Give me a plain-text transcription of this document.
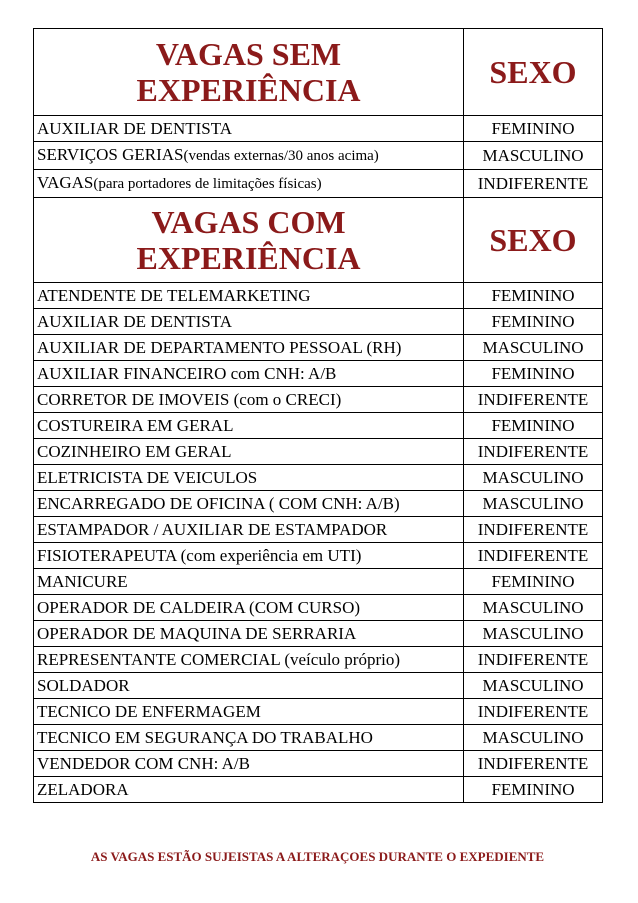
VAGAS SEM
EXPERIÊNCIA	SEXO
AUXILIAR DE DENTISTA	FEMININO
SERVIÇOS GERIAS(vendas externas/30 anos acima)	MASCULINO
VAGAS(para portadores de limitações físicas)	INDIFERENTE

VAGAS COM
EXPERIÊNCIA	SEXO
ATENDENTE DE TELEMARKETING	FEMININO
AUXILIAR DE DENTISTA	FEMININO
AUXILIAR DE DEPARTAMENTO PESSOAL (RH)	MASCULINO
AUXILIAR FINANCEIRO com CNH: A/B	FEMININO
CORRETOR DE IMOVEIS (com o CRECI)	INDIFERENTE
COSTUREIRA EM GERAL	FEMININO
COZINHEIRO EM GERAL	INDIFERENTE
ELETRICISTA DE VEICULOS	MASCULINO
ENCARREGADO DE OFICINA ( COM CNH: A/B)	MASCULINO
ESTAMPADOR / AUXILIAR DE ESTAMPADOR	INDIFERENTE
FISIOTERAPEUTA (com experiência em UTI)	INDIFERENTE
MANICURE	FEMININO
OPERADOR DE CALDEIRA (COM CURSO)	MASCULINO
OPERADOR DE MAQUINA DE SERRARIA	MASCULINO
REPRESENTANTE COMERCIAL (veículo próprio)	INDIFERENTE
SOLDADOR	MASCULINO
TECNICO DE ENFERMAGEM	INDIFERENTE
TECNICO EM SEGURANÇA DO TRABALHO	MASCULINO
VENDEDOR COM CNH: A/B	INDIFERENTE
ZELADORA	FEMININO
AS VAGAS ESTÃO SUJEISTAS A ALTERAÇOES DURANTE O EXPEDIENTE
